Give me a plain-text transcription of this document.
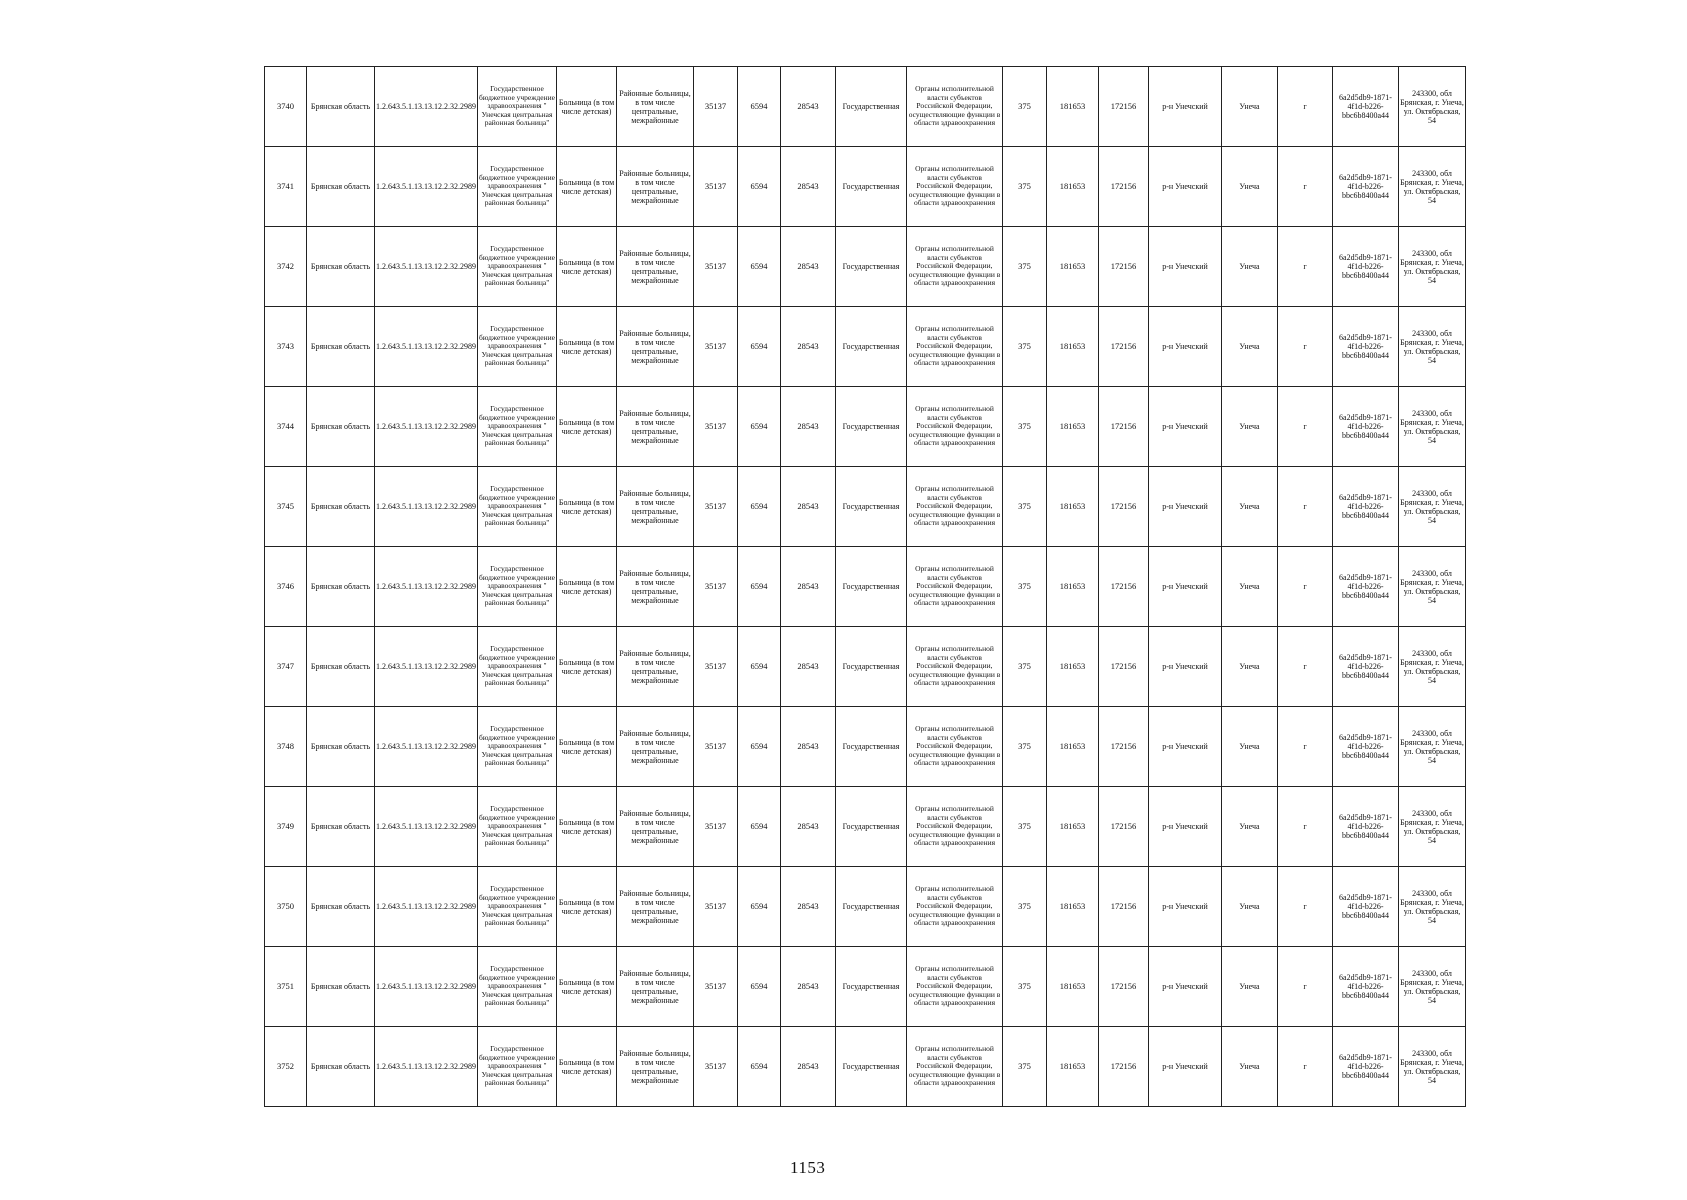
3740	Брянская область	1.2.643.5.1.13.13.12.2.32.2989	Государственное бюджетное учреждение здравоохранения " Унечская центральная районная больница"	Больница (в том числе детская)	Районные больницы, в том числе центральные, межрайонные	35137	6594	28543	Государственная	Органы исполнительной власти субъектов Российской Федерации, осуществляющие функции в области здравоохранения	375	181653	172156	р-н Унечский	Унеча	г	6a2d5db9-1871-4f1d-b226-bbc6b8400a44	243300, обл Брянская, г. Унеча, ул. Октябрьская, 54
3741	Брянская область	1.2.643.5.1.13.13.12.2.32.2989	Государственное бюджетное учреждение здравоохранения " Унечская центральная районная больница"	Больница (в том числе детская)	Районные больницы, в том числе центральные, межрайонные	35137	6594	28543	Государственная	Органы исполнительной власти субъектов Российской Федерации, осуществляющие функции в области здравоохранения	375	181653	172156	р-н Унечский	Унеча	г	6a2d5db9-1871-4f1d-b226-bbc6b8400a44	243300, обл Брянская, г. Унеча, ул. Октябрьская, 54
3742	Брянская область	1.2.643.5.1.13.13.12.2.32.2989	Государственное бюджетное учреждение здравоохранения " Унечская центральная районная больница"	Больница (в том числе детская)	Районные больницы, в том числе центральные, межрайонные	35137	6594	28543	Государственная	Органы исполнительной власти субъектов Российской Федерации, осуществляющие функции в области здравоохранения	375	181653	172156	р-н Унечский	Унеча	г	6a2d5db9-1871-4f1d-b226-bbc6b8400a44	243300, обл Брянская, г. Унеча, ул. Октябрьская, 54
3743	Брянская область	1.2.643.5.1.13.13.12.2.32.2989	Государственное бюджетное учреждение здравоохранения " Унечская центральная районная больница"	Больница (в том числе детская)	Районные больницы, в том числе центральные, межрайонные	35137	6594	28543	Государственная	Органы исполнительной власти субъектов Российской Федерации, осуществляющие функции в области здравоохранения	375	181653	172156	р-н Унечский	Унеча	г	6a2d5db9-1871-4f1d-b226-bbc6b8400a44	243300, обл Брянская, г. Унеча, ул. Октябрьская, 54
3744	Брянская область	1.2.643.5.1.13.13.12.2.32.2989	Государственное бюджетное учреждение здравоохранения " Унечская центральная районная больница"	Больница (в том числе детская)	Районные больницы, в том числе центральные, межрайонные	35137	6594	28543	Государственная	Органы исполнительной власти субъектов Российской Федерации, осуществляющие функции в области здравоохранения	375	181653	172156	р-н Унечский	Унеча	г	6a2d5db9-1871-4f1d-b226-bbc6b8400a44	243300, обл Брянская, г. Унеча, ул. Октябрьская, 54
3745	Брянская область	1.2.643.5.1.13.13.12.2.32.2989	Государственное бюджетное учреждение здравоохранения " Унечская центральная районная больница"	Больница (в том числе детская)	Районные больницы, в том числе центральные, межрайонные	35137	6594	28543	Государственная	Органы исполнительной власти субъектов Российской Федерации, осуществляющие функции в области здравоохранения	375	181653	172156	р-н Унечский	Унеча	г	6a2d5db9-1871-4f1d-b226-bbc6b8400a44	243300, обл Брянская, г. Унеча, ул. Октябрьская, 54
3746	Брянская область	1.2.643.5.1.13.13.12.2.32.2989	Государственное бюджетное учреждение здравоохранения " Унечская центральная районная больница"	Больница (в том числе детская)	Районные больницы, в том числе центральные, межрайонные	35137	6594	28543	Государственная	Органы исполнительной власти субъектов Российской Федерации, осуществляющие функции в области здравоохранения	375	181653	172156	р-н Унечский	Унеча	г	6a2d5db9-1871-4f1d-b226-bbc6b8400a44	243300, обл Брянская, г. Унеча, ул. Октябрьская, 54
3747	Брянская область	1.2.643.5.1.13.13.12.2.32.2989	Государственное бюджетное учреждение здравоохранения " Унечская центральная районная больница"	Больница (в том числе детская)	Районные больницы, в том числе центральные, межрайонные	35137	6594	28543	Государственная	Органы исполнительной власти субъектов Российской Федерации, осуществляющие функции в области здравоохранения	375	181653	172156	р-н Унечский	Унеча	г	6a2d5db9-1871-4f1d-b226-bbc6b8400a44	243300, обл Брянская, г. Унеча, ул. Октябрьская, 54
3748	Брянская область	1.2.643.5.1.13.13.12.2.32.2989	Государственное бюджетное учреждение здравоохранения " Унечская центральная районная больница"	Больница (в том числе детская)	Районные больницы, в том числе центральные, межрайонные	35137	6594	28543	Государственная	Органы исполнительной власти субъектов Российской Федерации, осуществляющие функции в области здравоохранения	375	181653	172156	р-н Унечский	Унеча	г	6a2d5db9-1871-4f1d-b226-bbc6b8400a44	243300, обл Брянская, г. Унеча, ул. Октябрьская, 54
3749	Брянская область	1.2.643.5.1.13.13.12.2.32.2989	Государственное бюджетное учреждение здравоохранения " Унечская центральная районная больница"	Больница (в том числе детская)	Районные больницы, в том числе центральные, межрайонные	35137	6594	28543	Государственная	Органы исполнительной власти субъектов Российской Федерации, осуществляющие функции в области здравоохранения	375	181653	172156	р-н Унечский	Унеча	г	6a2d5db9-1871-4f1d-b226-bbc6b8400a44	243300, обл Брянская, г. Унеча, ул. Октябрьская, 54
3750	Брянская область	1.2.643.5.1.13.13.12.2.32.2989	Государственное бюджетное учреждение здравоохранения " Унечская центральная районная больница"	Больница (в том числе детская)	Районные больницы, в том числе центральные, межрайонные	35137	6594	28543	Государственная	Органы исполнительной власти субъектов Российской Федерации, осуществляющие функции в области здравоохранения	375	181653	172156	р-н Унечский	Унеча	г	6a2d5db9-1871-4f1d-b226-bbc6b8400a44	243300, обл Брянская, г. Унеча, ул. Октябрьская, 54
3751	Брянская область	1.2.643.5.1.13.13.12.2.32.2989	Государственное бюджетное учреждение здравоохранения " Унечская центральная районная больница"	Больница (в том числе детская)	Районные больницы, в том числе центральные, межрайонные	35137	6594	28543	Государственная	Органы исполнительной власти субъектов Российской Федерации, осуществляющие функции в области здравоохранения	375	181653	172156	р-н Унечский	Унеча	г	6a2d5db9-1871-4f1d-b226-bbc6b8400a44	243300, обл Брянская, г. Унеча, ул. Октябрьская, 54
3752	Брянская область	1.2.643.5.1.13.13.12.2.32.2989	Государственное бюджетное учреждение здравоохранения " Унечская центральная районная больница"	Больница (в том числе детская)	Районные больницы, в том числе центральные, межрайонные	35137	6594	28543	Государственная	Органы исполнительной власти субъектов Российской Федерации, осуществляющие функции в области здравоохранения	375	181653	172156	р-н Унечский	Унеча	г	6a2d5db9-1871-4f1d-b226-bbc6b8400a44	243300, обл Брянская, г. Унеча, ул. Октябрьская, 54
1153
